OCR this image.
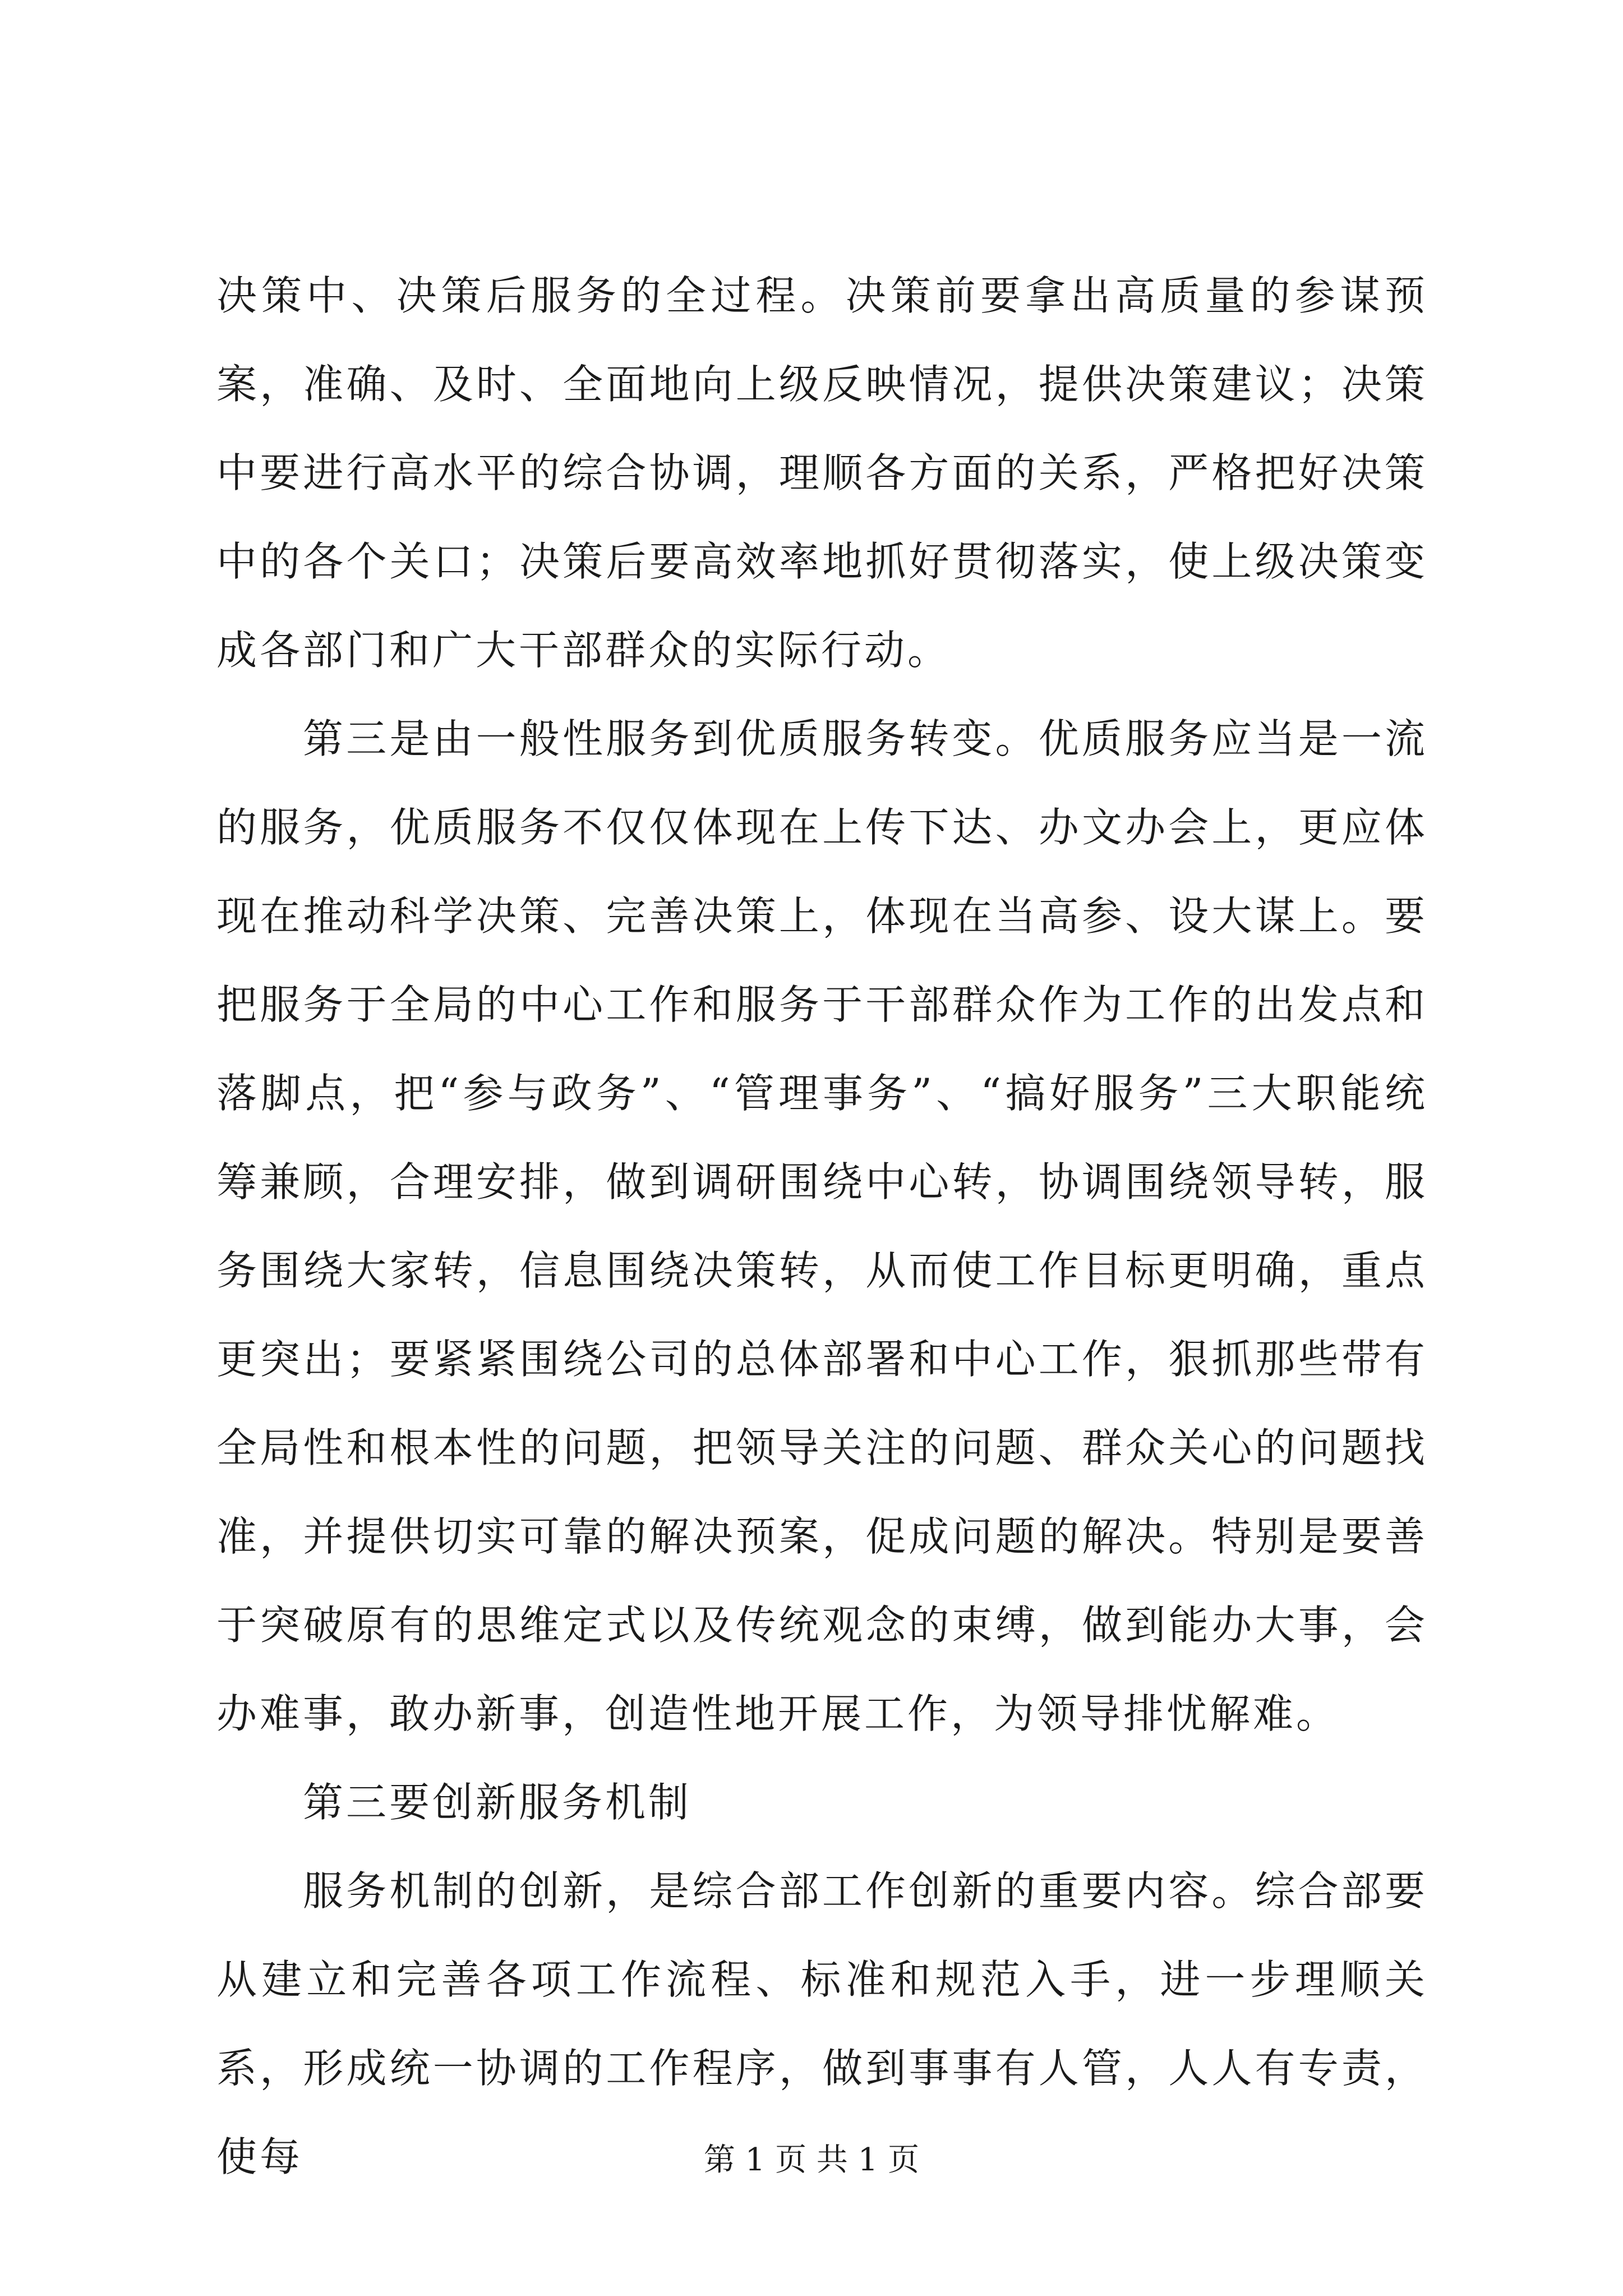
决策中、决策后服务的全过程。决策前要拿出高质量的参谋预案，准确、及时、全面地向上级反映情况，提供决策建议；决策中要进行高水平的综合协调，理顺各方面的关系，严格把好决策中的各个关口；决策后要高效率地抓好贯彻落实，使上级决策变成各部门和广大干部群众的实际行动。

第三是由一般性服务到优质服务转变。优质服务应当是一流的服务，优质服务不仅仅体现在上传下达、办文办会上，更应体现在推动科学决策、完善决策上，体现在当高参、设大谋上。要把服务于全局的中心工作和服务于干部群众作为工作的出发点和落脚点，把“参与政务”、“管理事务”、“搞好服务”三大职能统筹兼顾，合理安排，做到调研围绕中心转，协调围绕领导转，服务围绕大家转，信息围绕决策转，从而使工作目标更明确，重点更突出；要紧紧围绕公司的总体部署和中心工作，狠抓那些带有全局性和根本性的问题，把领导关注的问题、群众关心的问题找准，并提供切实可靠的解决预案，促成问题的解决。特别是要善于突破原有的思维定式以及传统观念的束缚，做到能办大事，会办难事，敢办新事，创造性地开展工作，为领导排忧解难。

第三要创新服务机制

服务机制的创新，是综合部工作创新的重要内容。综合部要从建立和完善各项工作流程、标准和规范入手，进一步理顺关系，形成统一协调的工作程序，做到事事有人管，人人有专责，使每	第 1 页 共 1 页
